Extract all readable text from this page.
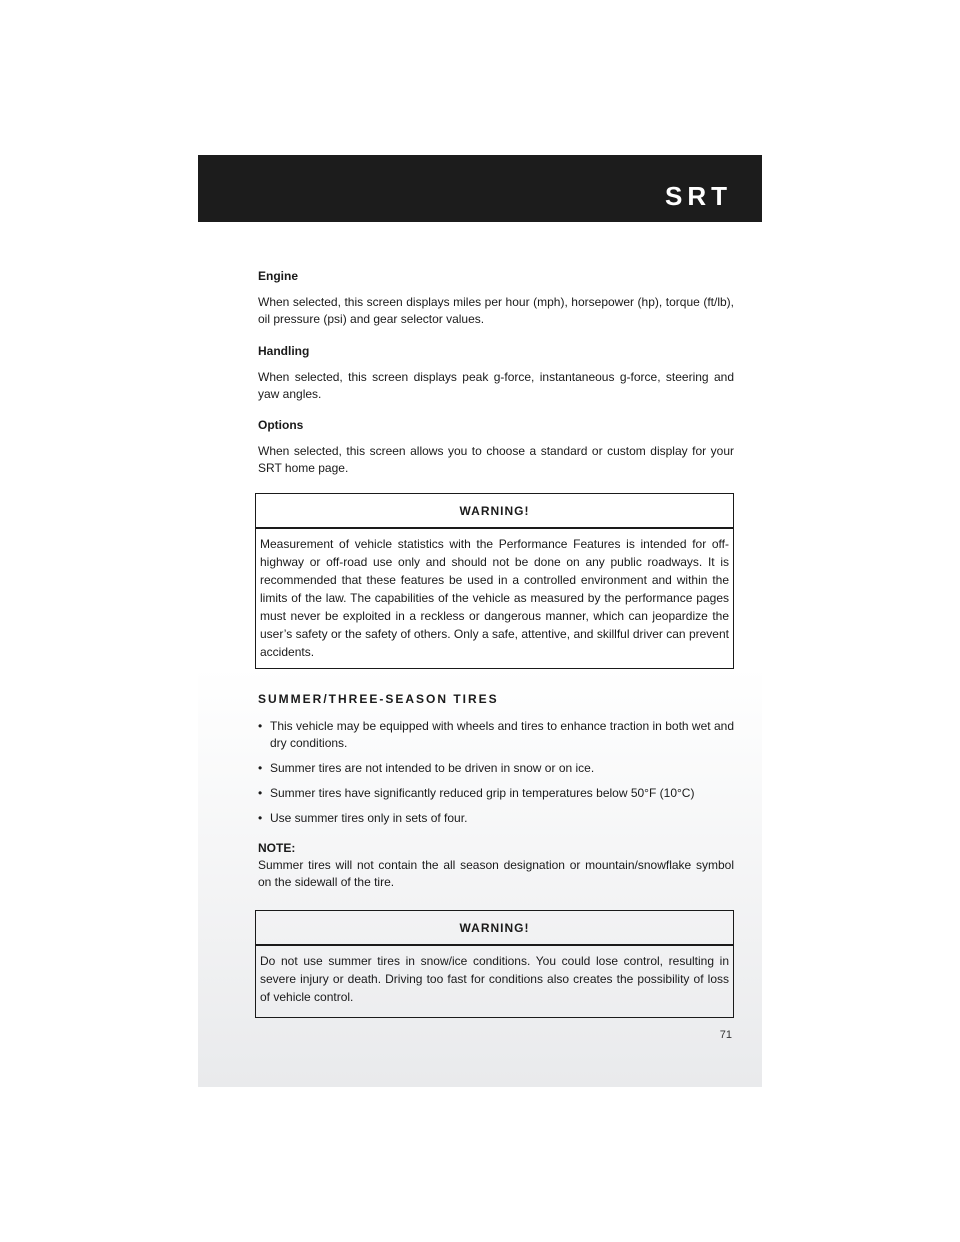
SRT

Engine

When selected, this screen displays miles per hour (mph), horsepower (hp), torque (ft/lb), oil pressure (psi) and gear selector values.

Handling

When selected, this screen displays peak g-force, instantaneous g-force, steering and yaw angles.

Options

When selected, this screen allows you to choose a standard or custom display for your SRT home page.

WARNING!

Measurement of vehicle statistics with the Performance Features is intended for off-highway or off-road use only and should not be done on any public roadways. It is recommended that these features be used in a controlled environment and within the limits of the law. The capabilities of the vehicle as measured by the performance pages must never be exploited in a reckless or dangerous manner, which can jeopardize the user’s safety or the safety of others. Only a safe, attentive, and skillful driver can prevent accidents.

SUMMER/THREE-SEASON TIRES

• This vehicle may be equipped with wheels and tires to enhance traction in both wet and dry conditions.
• Summer tires are not intended to be driven in snow or on ice.
• Summer tires have significantly reduced grip in temperatures below 50°F (10°C)
• Use summer tires only in sets of four.

NOTE:

Summer tires will not contain the all season designation or mountain/snowflake symbol on the sidewall of the tire.

WARNING!

Do not use summer tires in snow/ice conditions. You could lose control, resulting in severe injury or death. Driving too fast for conditions also creates the possibility of loss of vehicle control.
71
